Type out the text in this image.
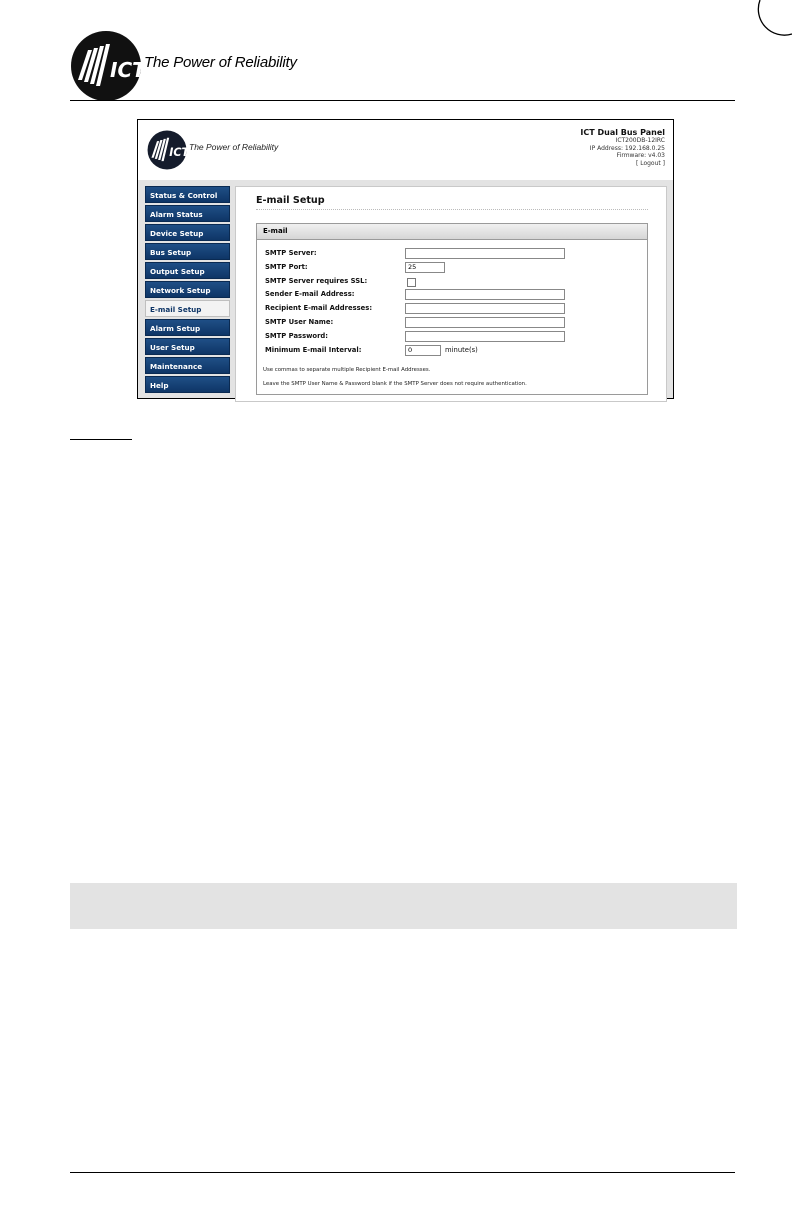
ICT
The Power of Reliability
ICT The Power of Reliability
ICT Dual Bus Panel
ICT200DB-12IRC
IP Address: 192.168.0.25
Firmware: v4.03
[ Logout ]
Status & Control
Alarm Status
Device Setup
Bus Setup
Output Setup
Network Setup
E-mail Setup
Alarm Setup
User Setup
Maintenance
Help
E-mail Setup
E-mail
SMTP Server:
SMTP Port:	25
SMTP Server requires SSL:
Sender E-mail Address:
Recipient E-mail Addresses:
SMTP User Name:
SMTP Password:
Minimum E-mail Interval:	0	minute(s)
Use commas to separate multiple Recipient E-mail Addresses.
Leave the SMTP User Name & Password blank if the SMTP Server does not require authentication.
